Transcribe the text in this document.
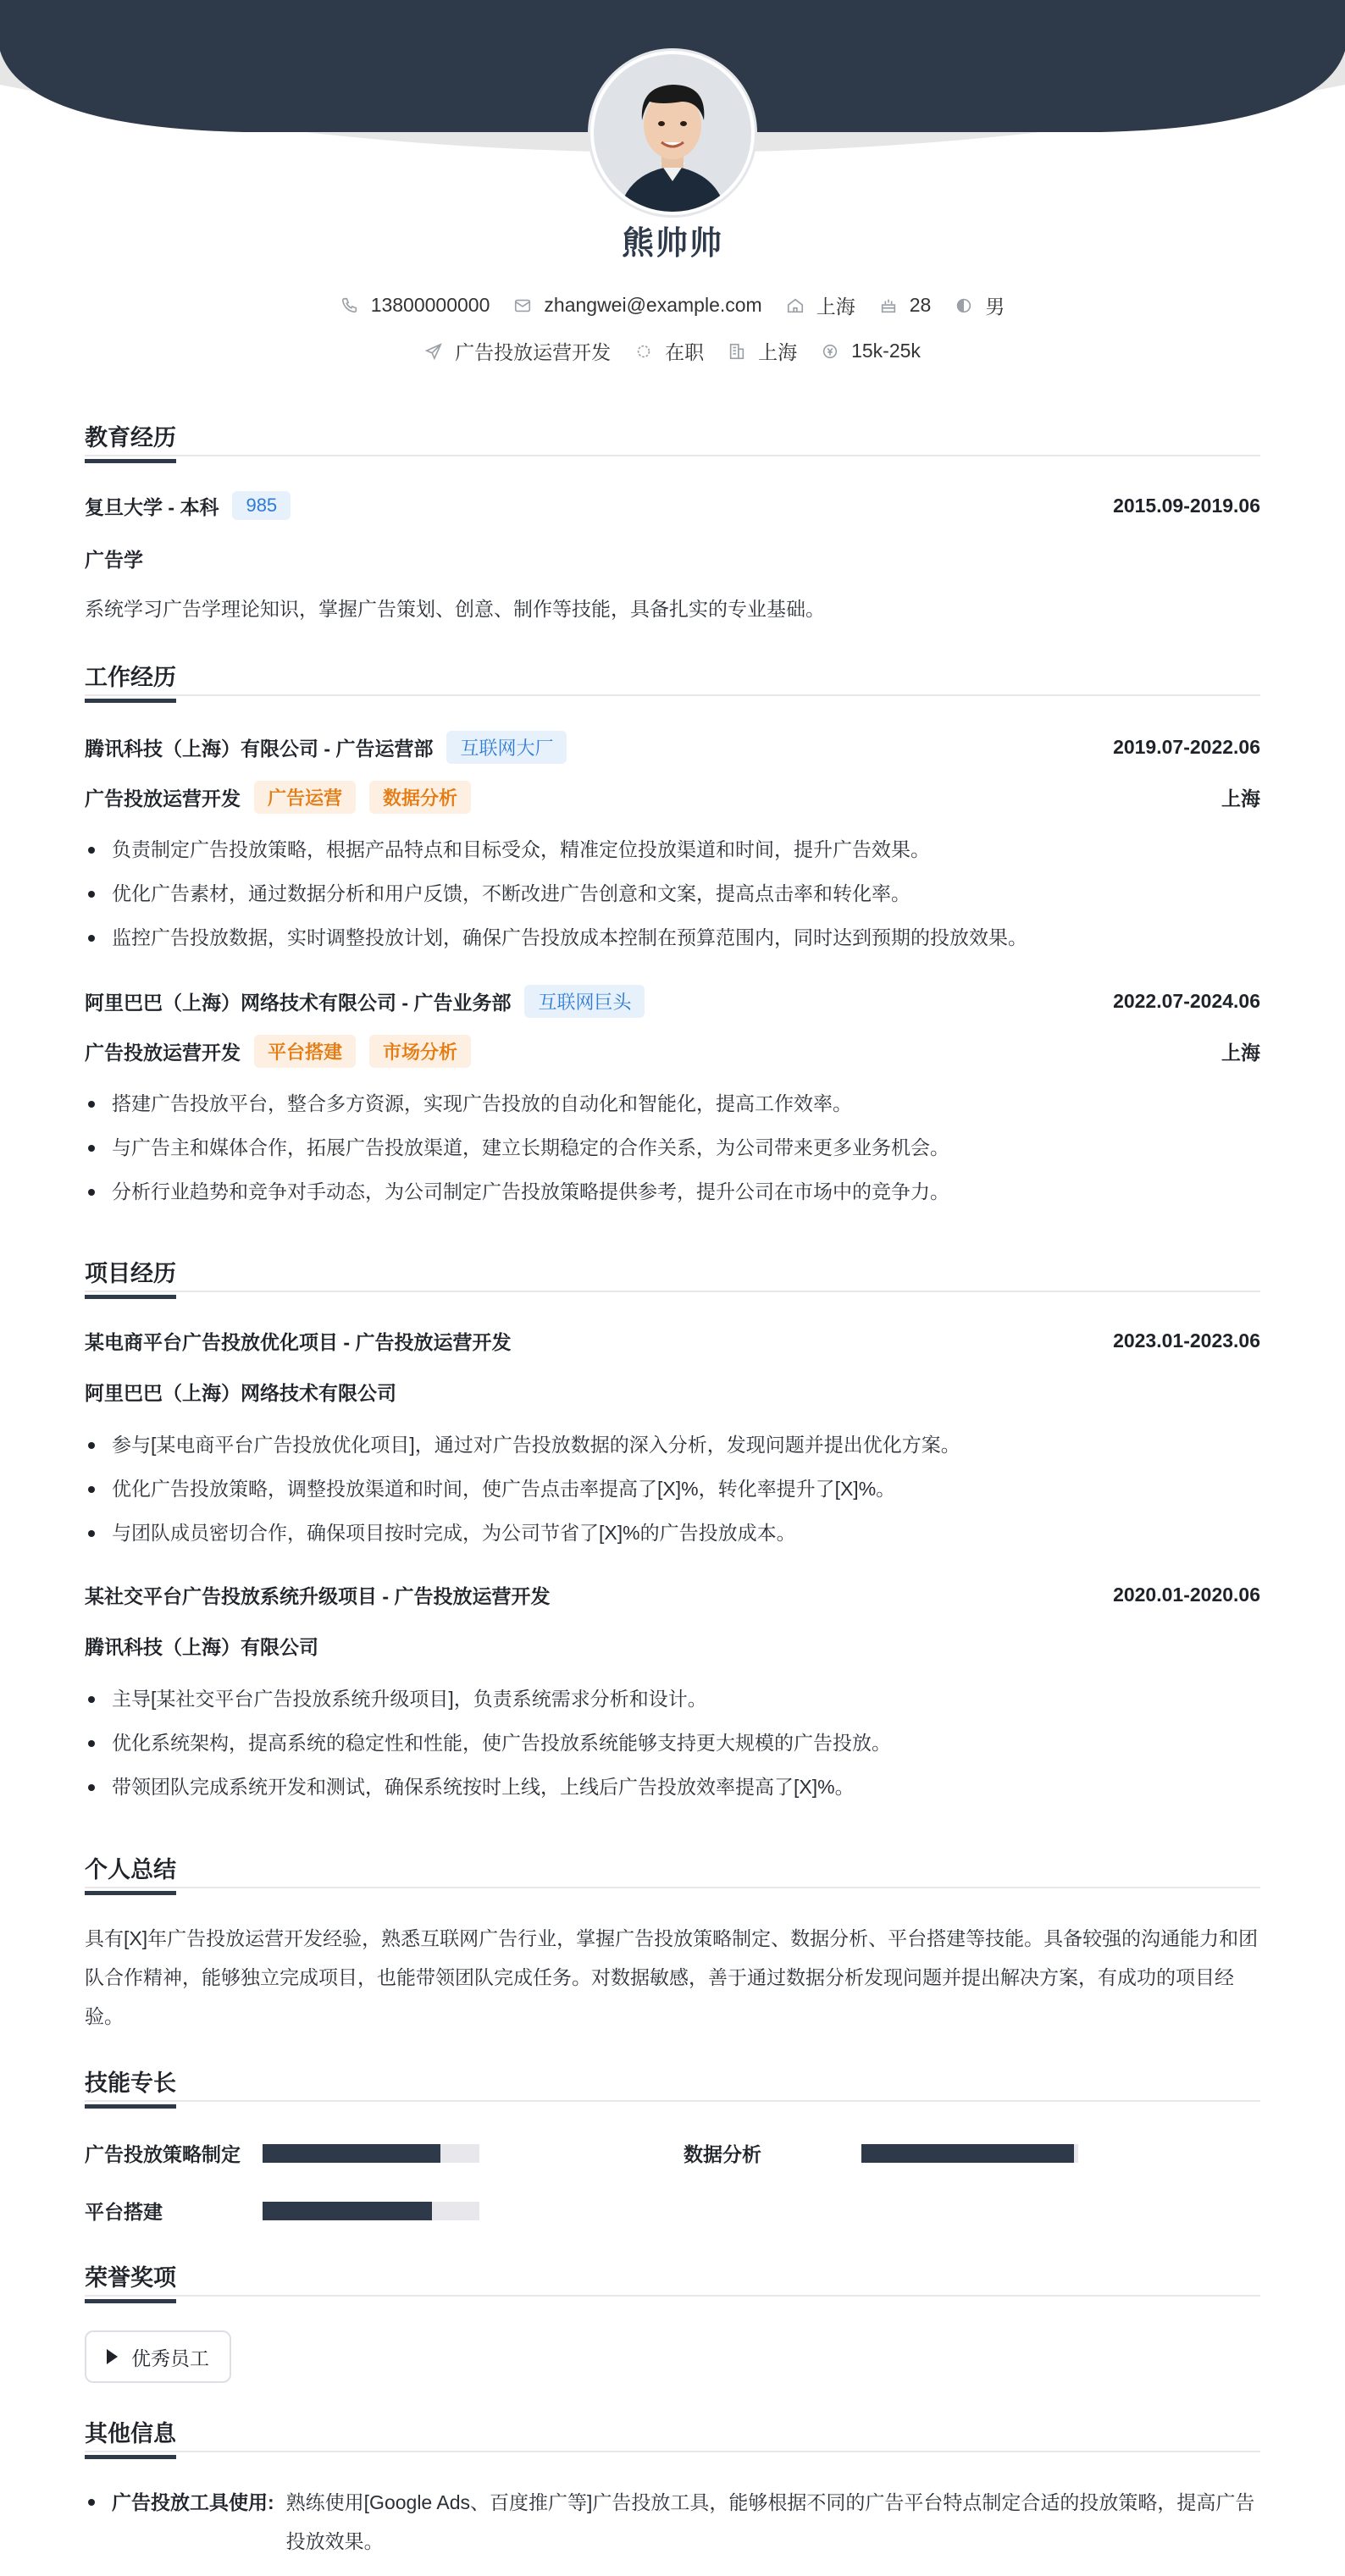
熊帅帅
13800000000	zhangwei@example.com	上海	28	男
广告投放运营开发	在职	上海	15k-25k
教育经历
复旦大学 - 本科	985	2015.09-2019.06
广告学
系统学习广告学理论知识，掌握广告策划、创意、制作等技能，具备扎实的专业基础。
工作经历
腾讯科技（上海）有限公司 - 广告运营部	互联网大厂	2019.07-2022.06
广告投放运营开发	广告运营	数据分析	上海
负责制定广告投放策略，根据产品特点和目标受众，精准定位投放渠道和时间，提升广告效果。
优化广告素材，通过数据分析和用户反馈，不断改进广告创意和文案，提高点击率和转化率。
监控广告投放数据，实时调整投放计划，确保广告投放成本控制在预算范围内，同时达到预期的投放效果。
阿里巴巴（上海）网络技术有限公司 - 广告业务部	互联网巨头	2022.07-2024.06
广告投放运营开发	平台搭建	市场分析	上海
搭建广告投放平台，整合多方资源，实现广告投放的自动化和智能化，提高工作效率。
与广告主和媒体合作，拓展广告投放渠道，建立长期稳定的合作关系，为公司带来更多业务机会。
分析行业趋势和竞争对手动态，为公司制定广告投放策略提供参考，提升公司在市场中的竞争力。
项目经历
某电商平台广告投放优化项目 - 广告投放运营开发	2023.01-2023.06
阿里巴巴（上海）网络技术有限公司
参与[某电商平台广告投放优化项目]，通过对广告投放数据的深入分析，发现问题并提出优化方案。
优化广告投放策略，调整投放渠道和时间，使广告点击率提高了[X]%，转化率提升了[X]%。
与团队成员密切合作，确保项目按时完成，为公司节省了[X]%的广告投放成本。
某社交平台广告投放系统升级项目 - 广告投放运营开发	2020.01-2020.06
腾讯科技（上海）有限公司
主导[某社交平台广告投放系统升级项目]，负责系统需求分析和设计。
优化系统架构，提高系统的稳定性和性能，使广告投放系统能够支持更大规模的广告投放。
带领团队完成系统开发和测试，确保系统按时上线，上线后广告投放效率提高了[X]%。
个人总结
具有[X]年广告投放运营开发经验，熟悉互联网广告行业，掌握广告投放策略制定、数据分析、平台搭建等技能。具备较强的沟通能力和团队合作精神，能够独立完成项目，也能带领团队完成任务。对数据敏感，善于通过数据分析发现问题并提出解决方案，有成功的项目经验。
技能专长
广告投放策略制定	数据分析
平台搭建
荣誉奖项
优秀员工
其他信息
广告投放工具使用: 熟练使用[Google Ads、百度推广等]广告投放工具，能够根据不同的广告平台特点制定合适的投放策略，提高广告投放效果。
